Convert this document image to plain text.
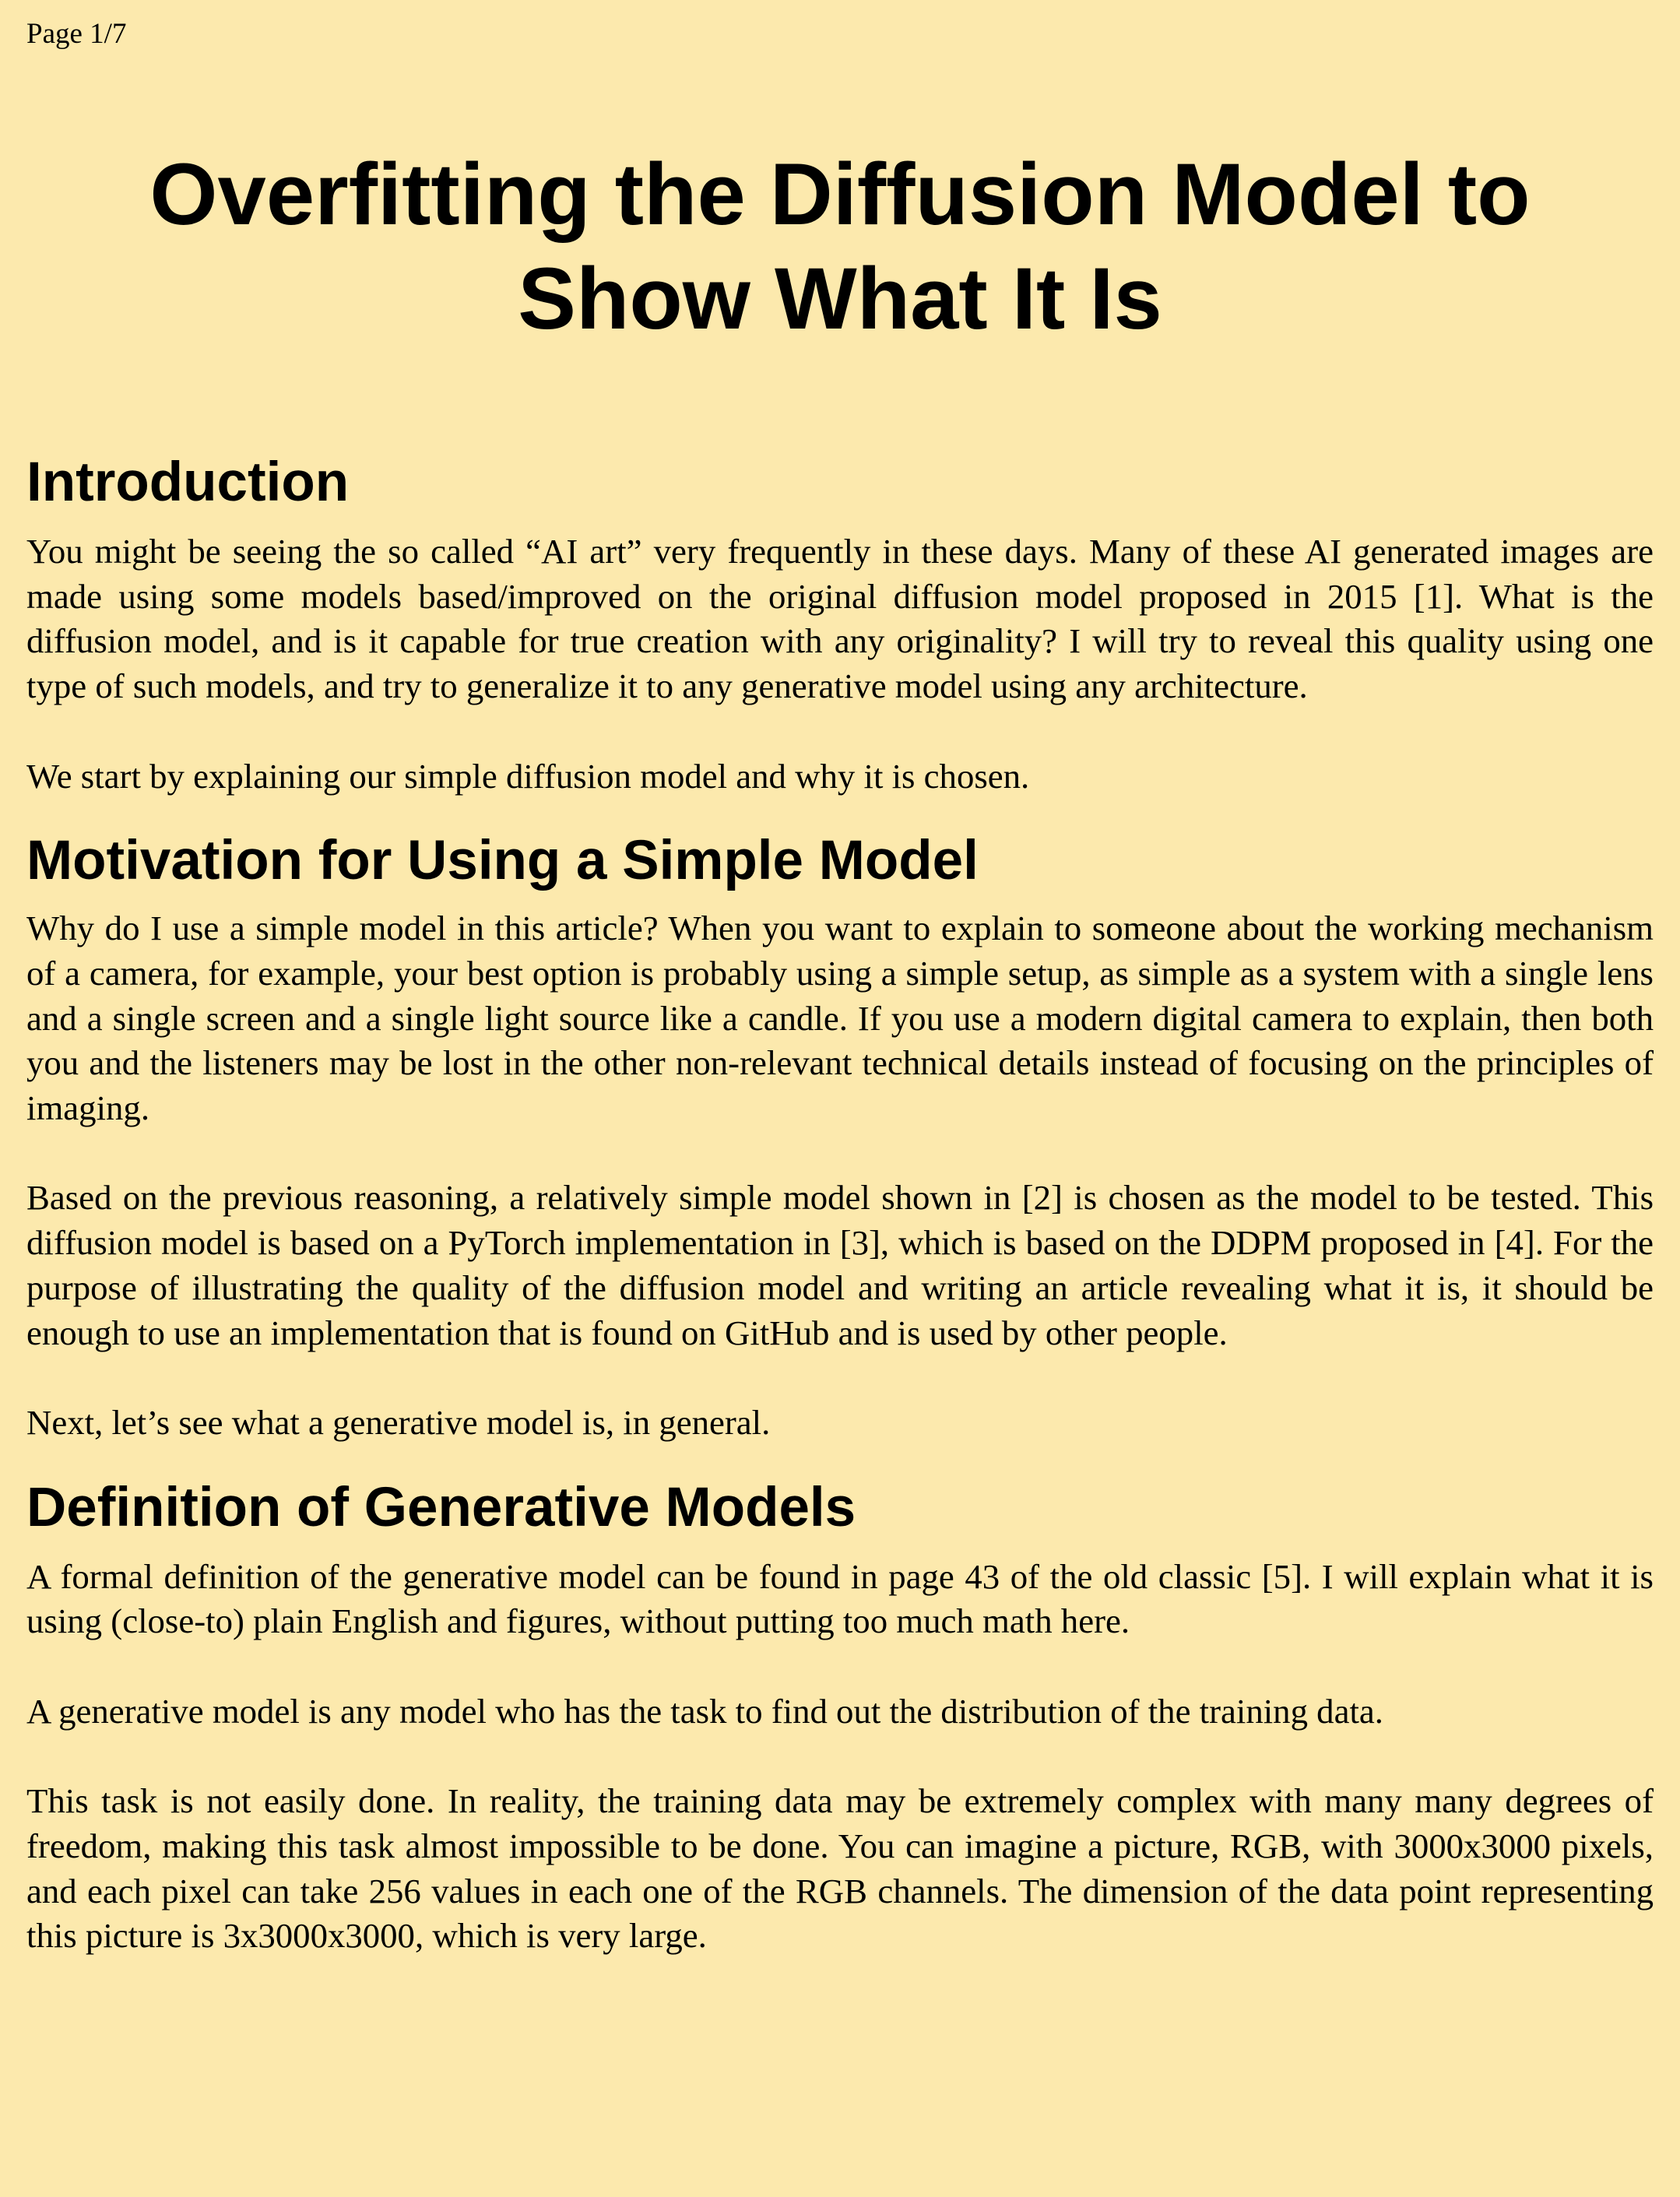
Page 1/7
Overfitting the Diffusion Model to Show What It Is
Introduction

You might be seeing the so called “AI art” very frequently in these days. Many of these AI generated images are made using some models based/improved on the original diffusion model proposed in 2015 [1]. What is the diffusion model, and is it capable for true creation with any originality? I will try to reveal this quality using one type of such models, and try to generalize it to any generative model using any architecture.

We start by explaining our simple diffusion model and why it is chosen.

Motivation for Using a Simple Model

Why do I use a simple model in this article? When you want to explain to someone about the working mechanism of a camera, for example, your best option is probably using a simple setup, as simple as a system with a single lens and a single screen and a single light source like a candle. If you use a modern digital camera to explain, then both you and the listeners may be lost in the other non-relevant technical details instead of focusing on the principles of imaging.

Based on the previous reasoning, a relatively simple model shown in [2] is chosen as the model to be tested. This diffusion model is based on a PyTorch implementation in [3], which is based on the DDPM proposed in [4]. For the purpose of illustrating the quality of the diffusion model and writing an article revealing what it is, it should be enough to use an implementation that is found on GitHub and is used by other people.

Next, let’s see what a generative model is, in general.

Definition of Generative Models

A formal definition of the generative model can be found in page 43 of the old classic [5]. I will explain what it is using (close-to) plain English and figures, without putting too much math here.

A generative model is any model who has the task to find out the distribution of the training data.

This task is not easily done. In reality, the training data may be extremely complex with many many degrees of freedom, making this task almost impossible to be done. You can imagine a picture, RGB, with 3000x3000 pixels, and each pixel can take 256 values in each one of the RGB channels. The dimension of the data point representing this picture is 3x3000x3000, which is very large.
